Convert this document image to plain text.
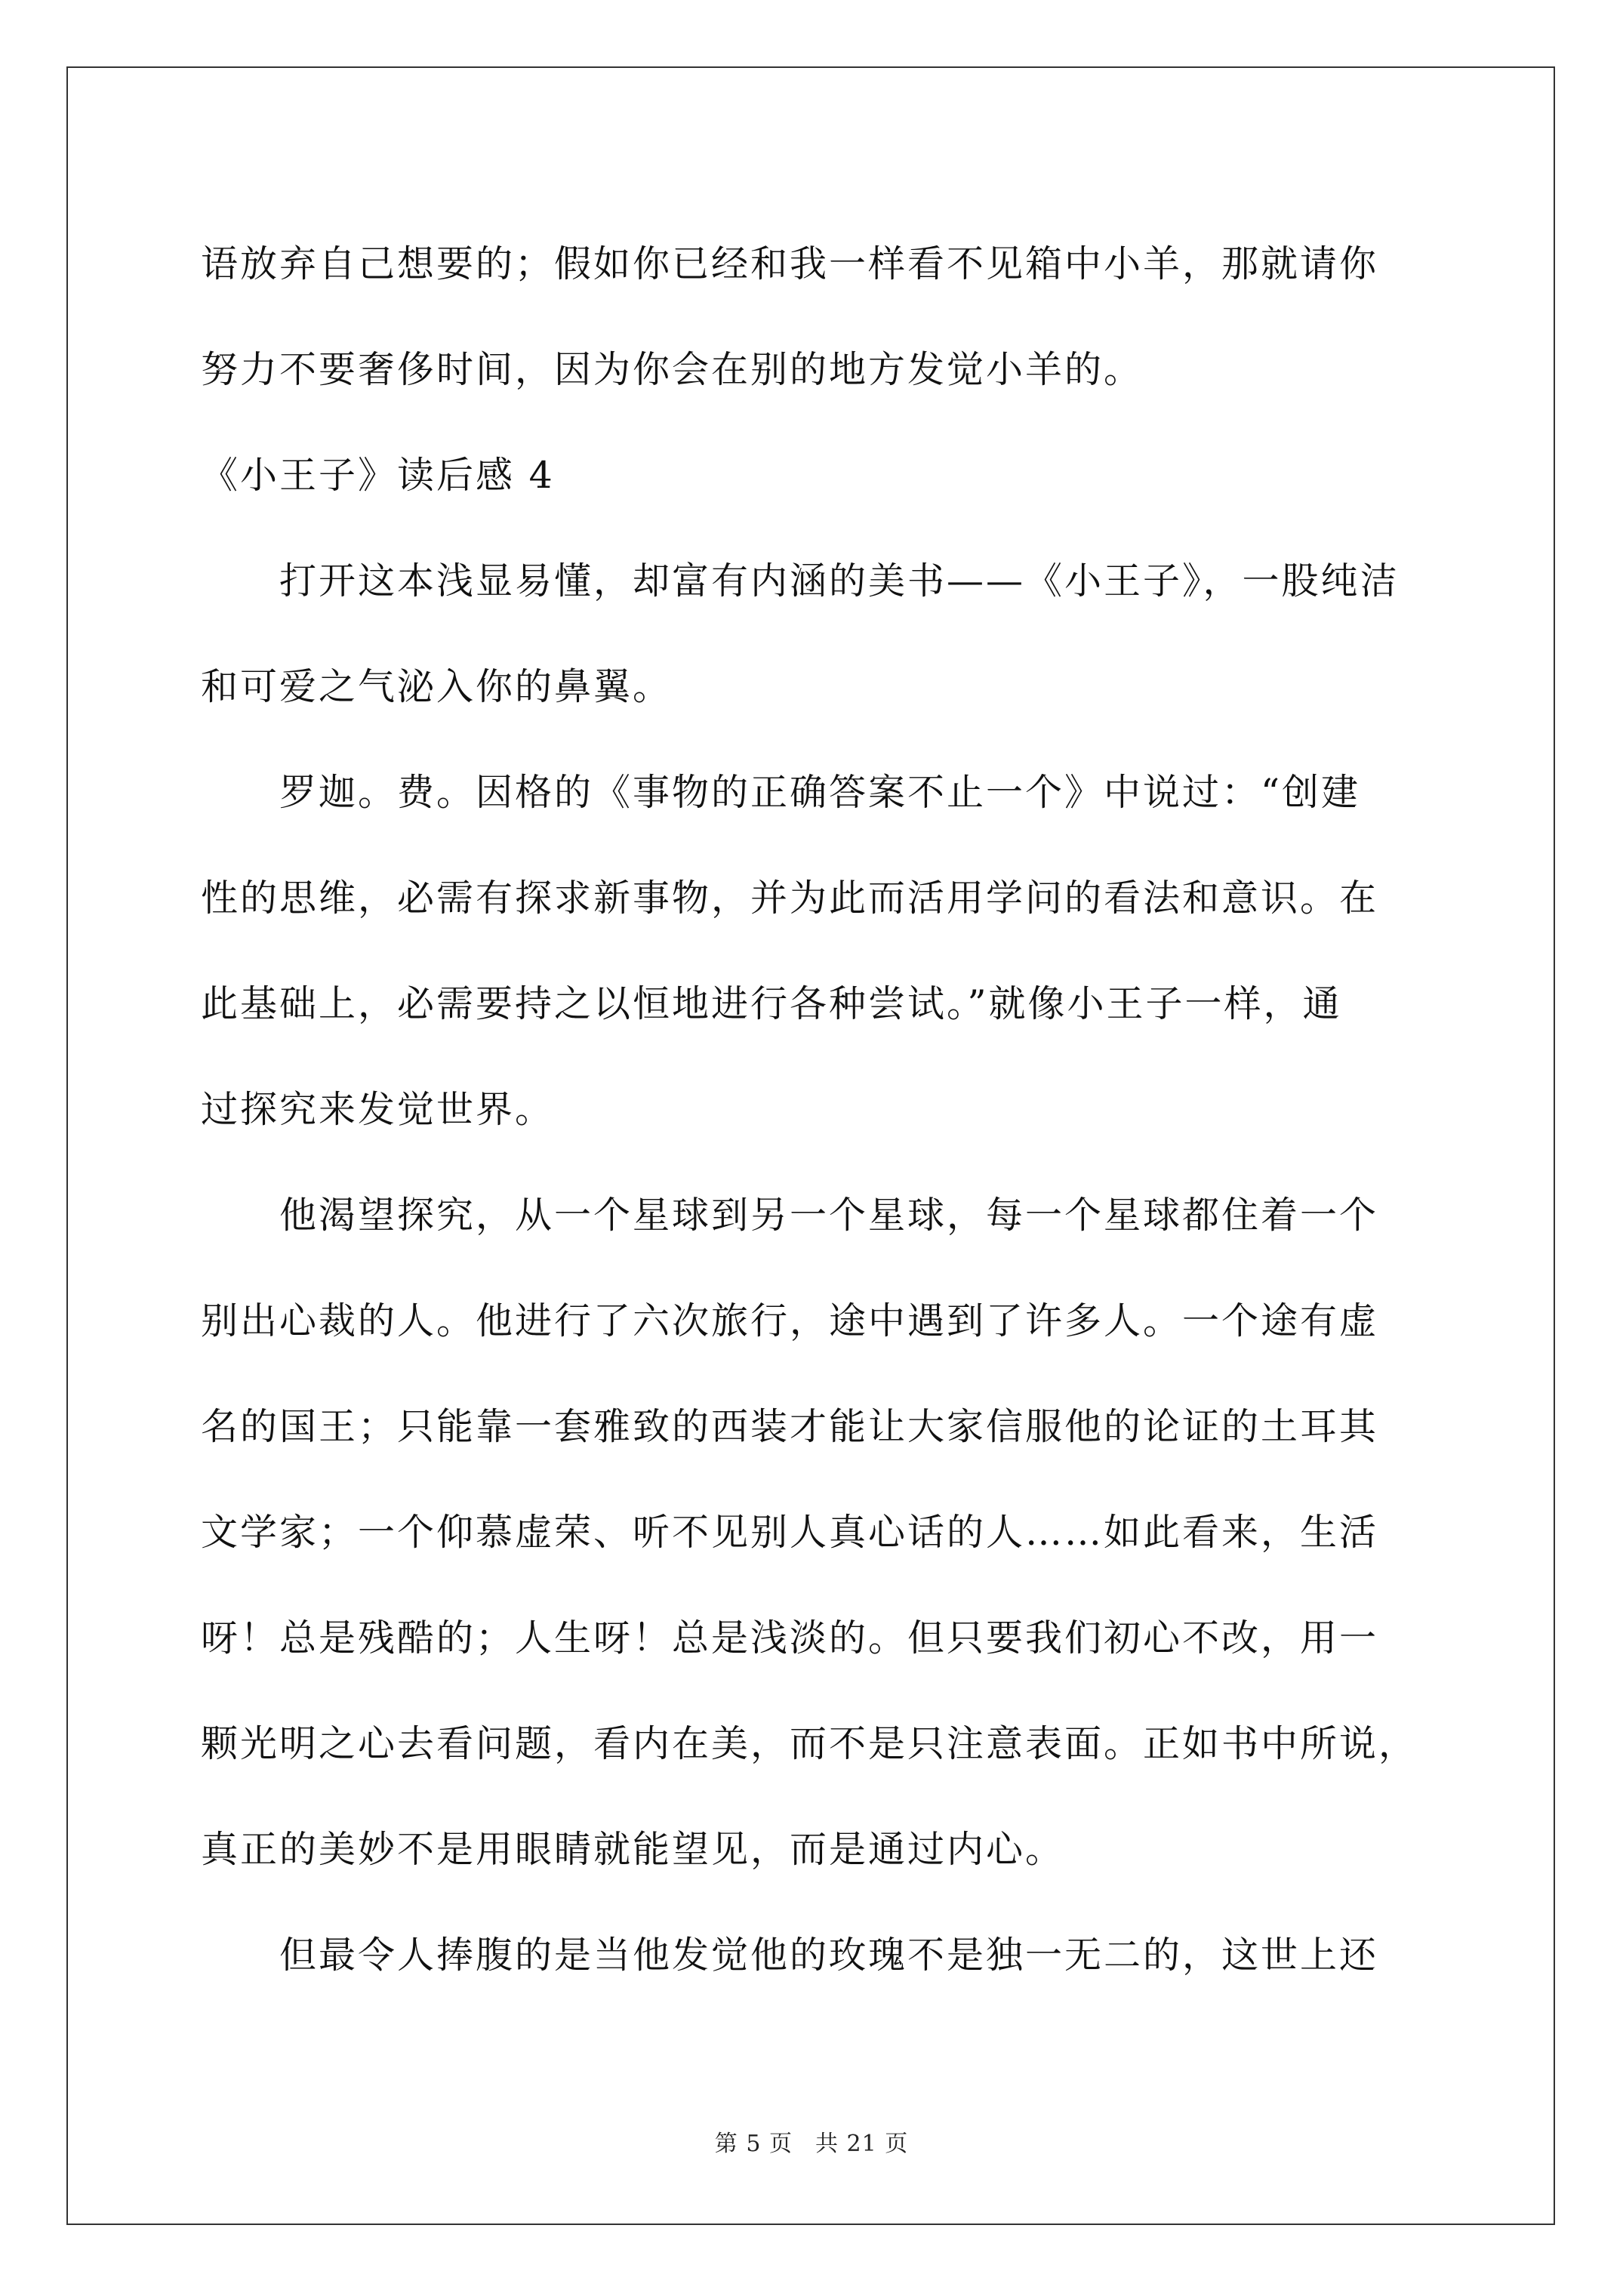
语放弃自己想要的；假如你已经和我一样看不见箱中小羊，那就请你
努力不要奢侈时间，因为你会在别的地方发觉小羊的。
《小王子》读后感 4
　　打开这本浅显易懂，却富有内涵的美书——《小王子》，一股纯洁
和可爱之气泌入你的鼻翼。
　　罗迦。费。因格的《事物的正确答案不止一个》中说过：“创建
性的思维，必需有探求新事物，并为此而活用学问的看法和意识。在
此基础上，必需要持之以恒地进行各种尝试。”就像小王子一样，通
过探究来发觉世界。
　　他渴望探究，从一个星球到另一个星球，每一个星球都住着一个
别出心裁的人。他进行了六次旅行，途中遇到了许多人。一个途有虚
名的国王；只能靠一套雅致的西装才能让大家信服他的论证的土耳其
文学家；一个仰慕虚荣、听不见别人真心话的人……如此看来，生活
呀！总是残酷的；人生呀！总是浅淡的。但只要我们初心不改，用一
颗光明之心去看问题，看内在美，而不是只注意表面。正如书中所说，
真正的美妙不是用眼睛就能望见，而是通过内心。
　　但最令人捧腹的是当他发觉他的玫瑰不是独一无二的，这世上还
第 5 页 共 21 页
